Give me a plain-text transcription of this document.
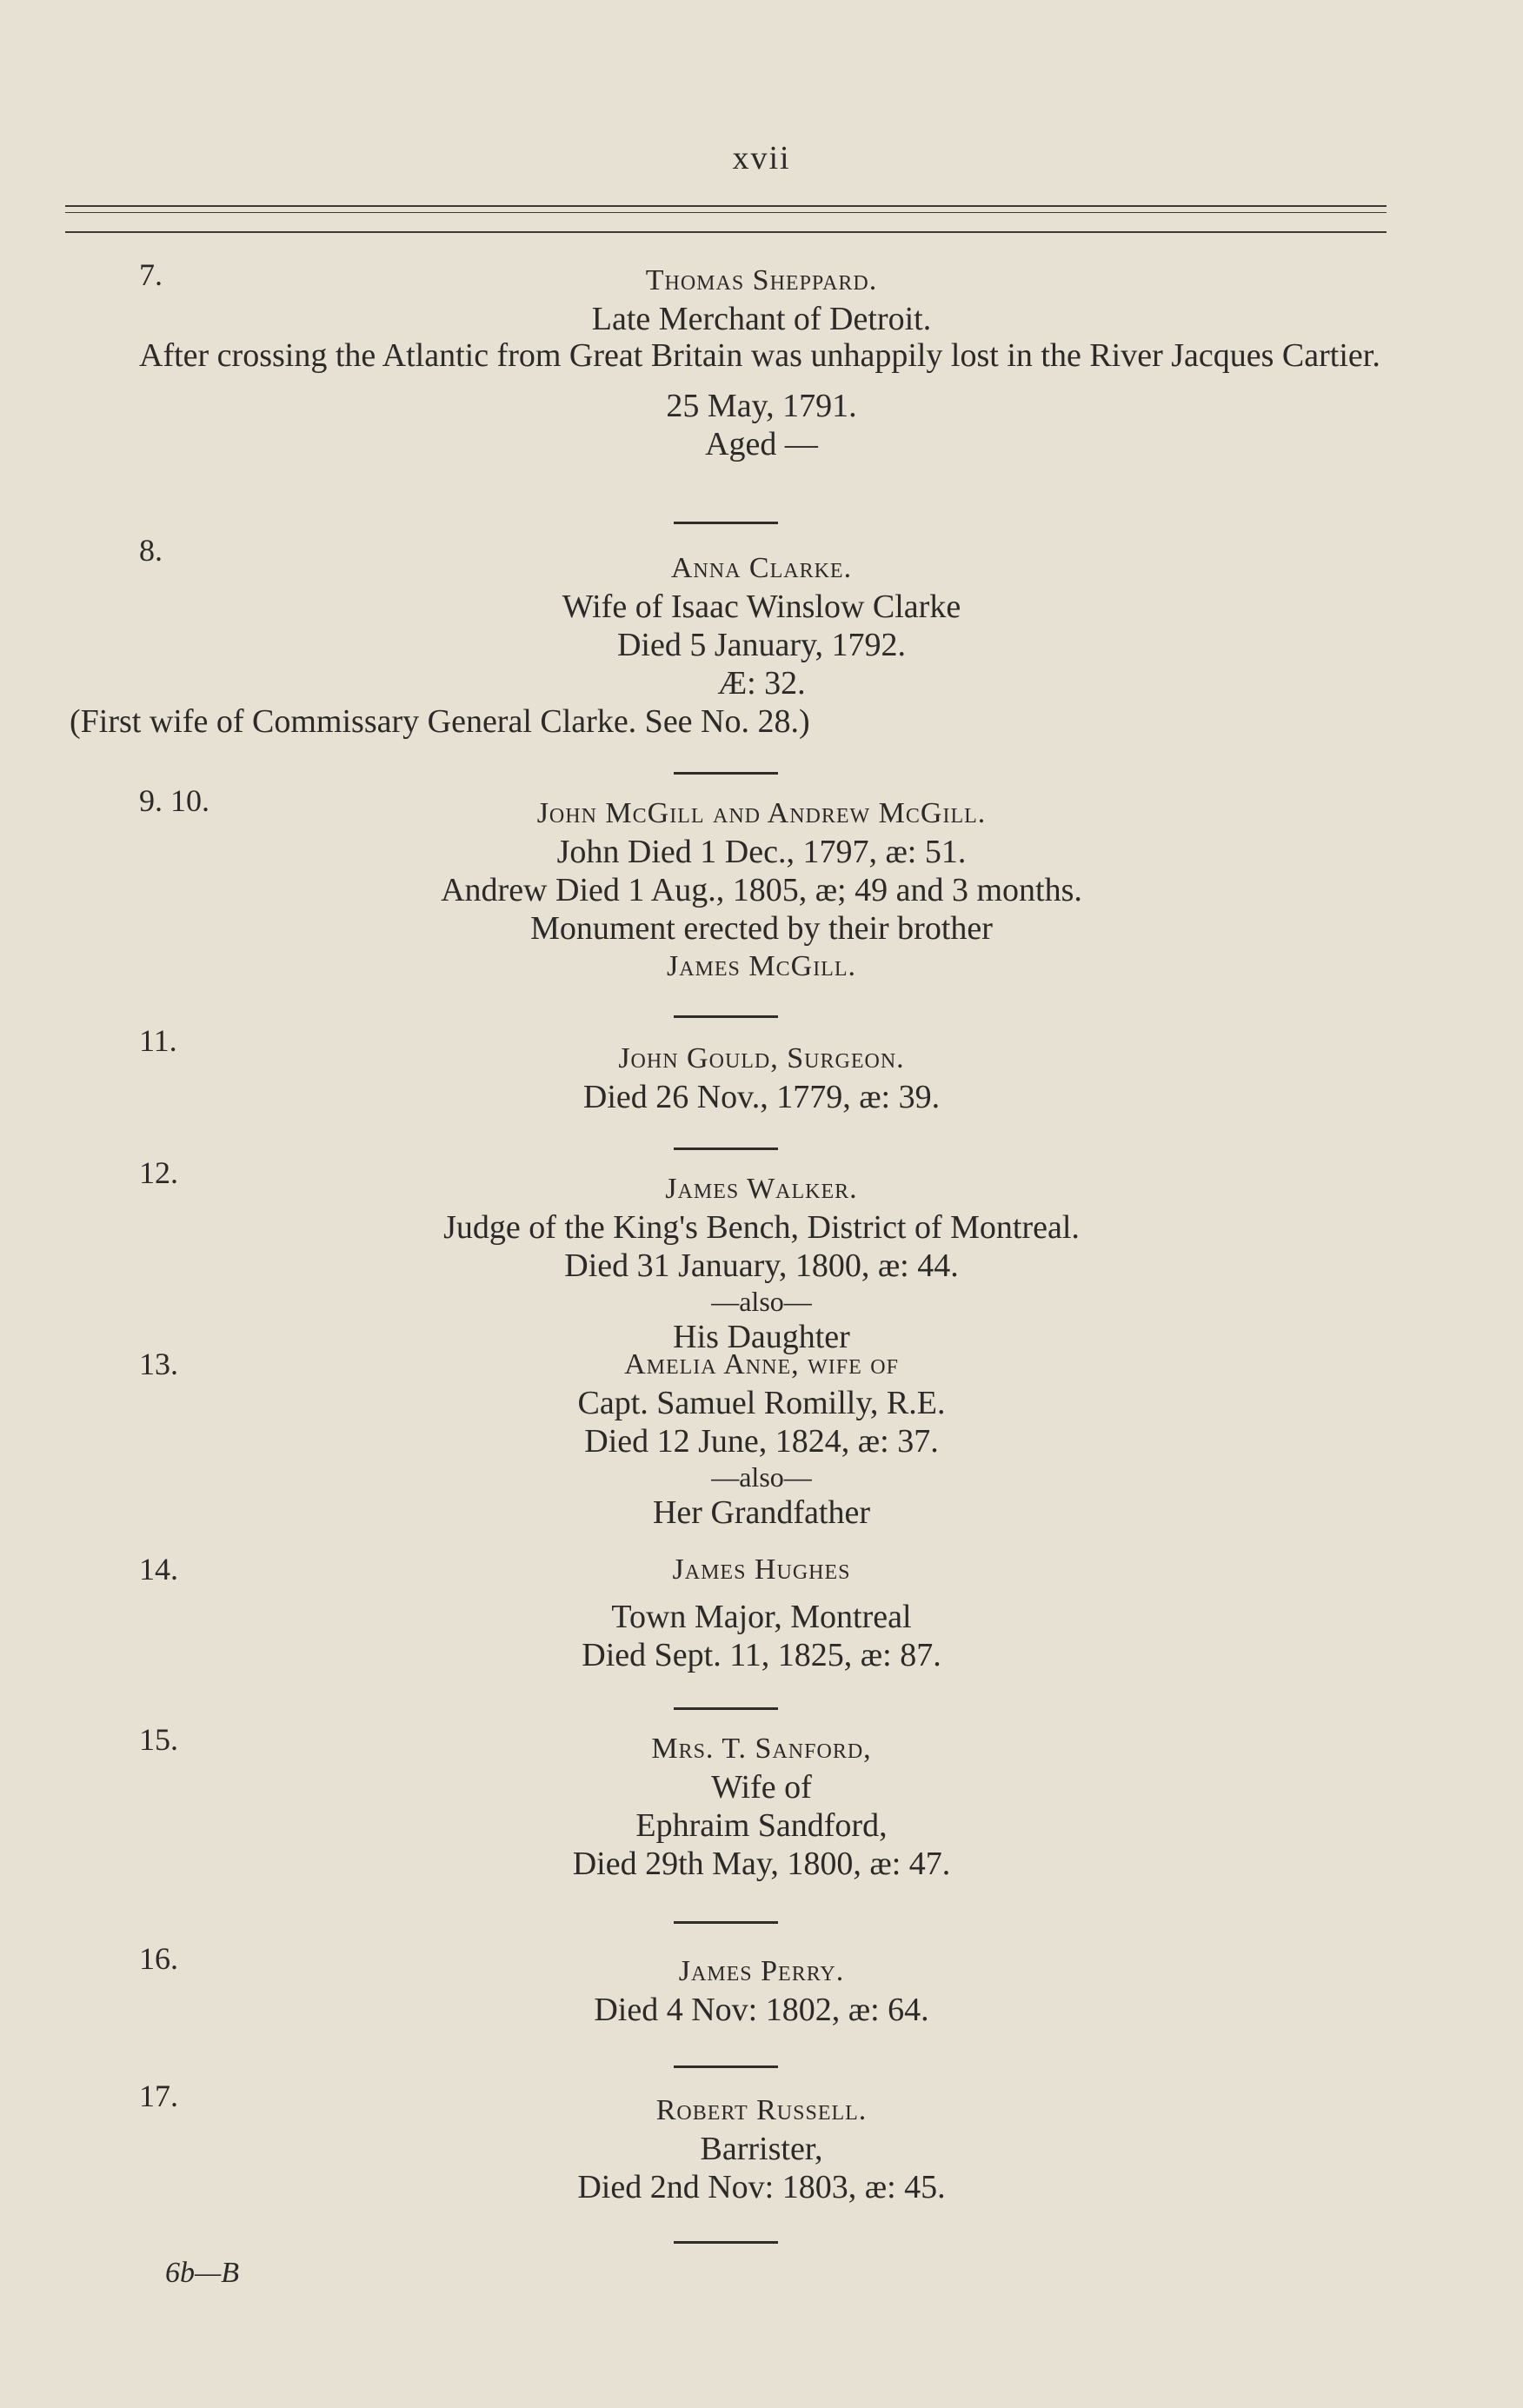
xvii
7.	Thomas Sheppard.
Late Merchant of Detroit.
After crossing the Atlantic from Great Britain was unhappily lost in the River Jacques Cartier.
25 May, 1791.
Aged —
8.
Anna Clarke.
Wife of Isaac Winslow Clarke
Died 5 January, 1792.
Æ: 32.
(First wife of Commissary General Clarke. See No. 28.)
9. 10.	John McGill and Andrew McGill.
John Died 1 Dec., 1797, æ: 51.
Andrew Died 1 Aug., 1805, æ; 49 and 3 months.
Monument erected by their brother
James McGill.
11.
John Gould, Surgeon.
Died 26 Nov., 1779, æ: 39.
12.	James Walker.
Judge of the King's Bench, District of Montreal.
Died 31 January, 1800, æ: 44.
—also—
His Daughter
13.	Amelia Anne, wife of
Capt. Samuel Romilly, R.E.
Died 12 June, 1824, æ: 37.
—also—
Her Grandfather
14.	James Hughes
Town Major, Montreal
Died Sept. 11, 1825, æ: 87.
15.	Mrs. T. Sanford,
Wife of
Ephraim Sandford,
Died 29th May, 1800, æ: 47.
16.	James Perry.
Died 4 Nov: 1802, æ: 64.
17.	Robert Russell.
Barrister,
Died 2nd Nov: 1803, æ: 45.
6b—B
